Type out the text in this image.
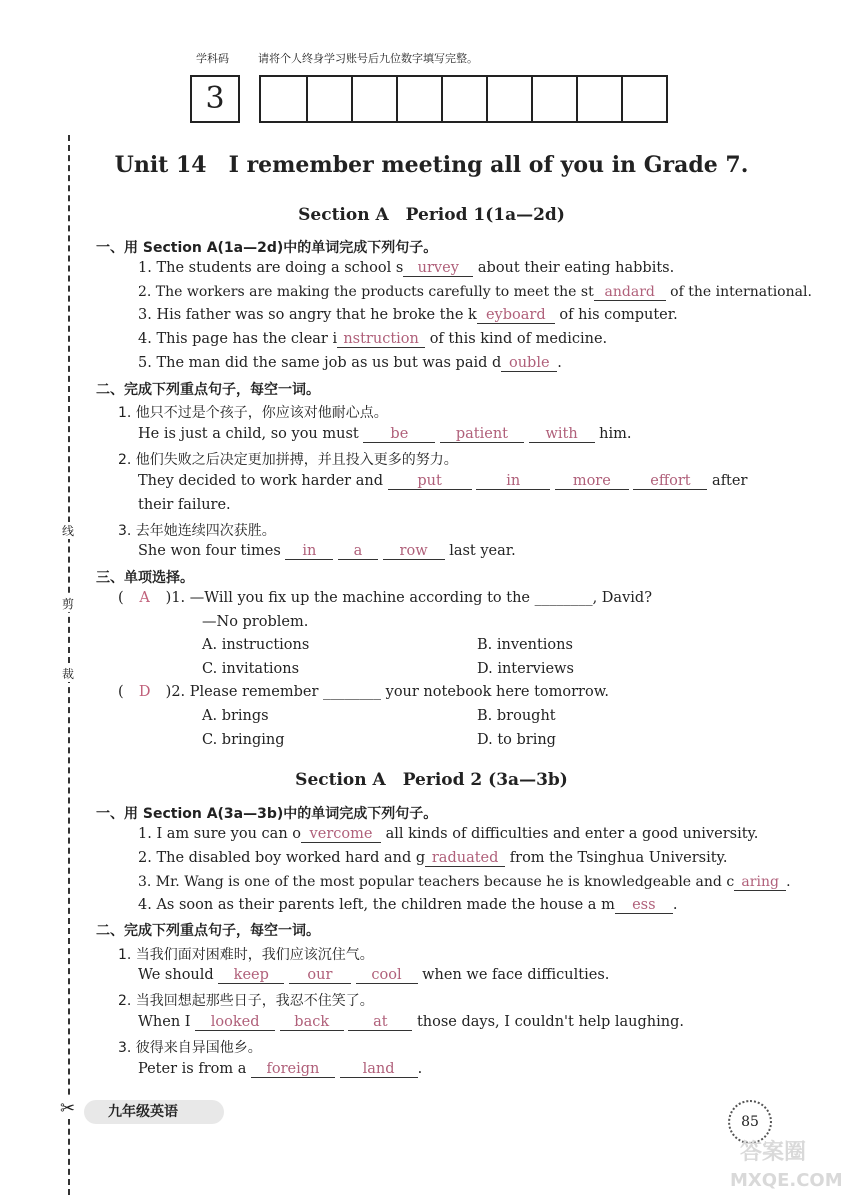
学科码	请将个人终身学习账号后九位数字填写完整。
3
线
剪
裁
✂
Unit 14　I remember meeting all of you in Grade 7.
Section A　Period 1(1a—2d)
一、用 Section A(1a—2d)中的单词完成下列句子。
1. The students are doing a school s urvey about their eating habbits.
2. The workers are making the products carefully to meet the st andard of the international.
3. His father was so angry that he broke the k eyboard of his computer.
4. This page has the clear i nstruction of this kind of medicine.
5. The man did the same job as us but was paid d ouble .
二、完成下列重点句子，每空一词。
1. 他只不过是个孩子，你应该对他耐心点。
He is just a child, so you must be	patient	with him.
2. 他们失败之后决定更加拼搏，并且投入更多的努力。
They decided to work harder and put	in	more	effort after
their failure.
3. 去年她连续四次获胜。
She won four times in	a	row last year.
三、单项选择。
( A )1. —Will you fix up the machine according to the ________, David?
—No problem.
A. instructions	B. inventions
C. invitations	D. interviews
( D )2. Please remember ________ your notebook here tomorrow.
A. brings	B. brought
C. bringing	D. to bring
Section A　Period 2 (3a—3b)
一、用 Section A(3a—3b)中的单词完成下列句子。
1. I am sure you can o vercome all kinds of difficulties and enter a good university.
2. The disabled boy worked hard and g raduated from the Tsinghua University.
3. Mr. Wang is one of the most popular teachers because he is knowledgeable and c aring .
4. As soon as their parents left, the children made the house a m ess .
二、完成下列重点句子，每空一词。
1. 当我们面对困难时，我们应该沉住气。
We should keep	our	cool when we face difficulties.
2. 当我回想起那些日子，我忍不住笑了。
When I looked back	at those days, I couldn't help laughing.
3. 彼得来自异国他乡。
Peter is from a foreign	land .
九年级英语
85
答案圈
MXQE.COM
